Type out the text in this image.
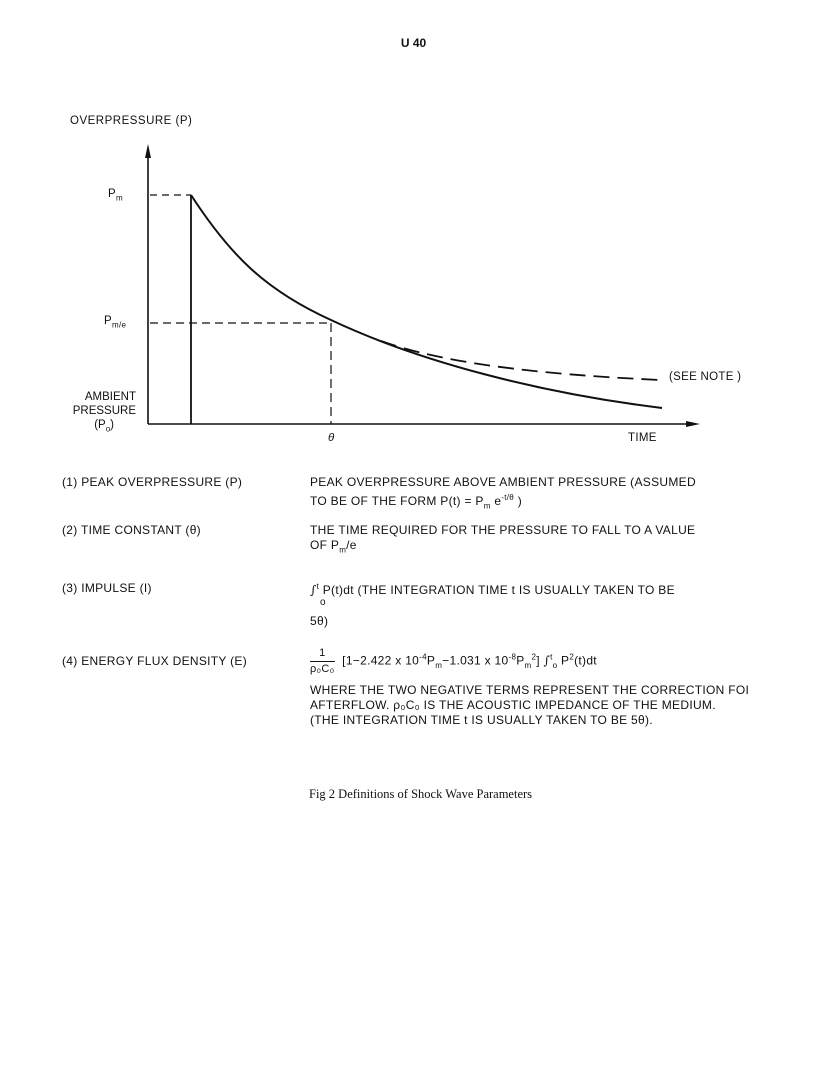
U 40
OVERPRESSURE (P)
$P_m$
$P_{m/e}$
AMBIENT
PRESSURE
$(P_o)$
θ	TIME
(SEE NOTE )
(1) PEAK OVERPRESSURE (P)	PEAK OVERPRESSURE ABOVE AMBIENT PRESSURE (ASSUMED
TO BE OF THE FORM $P(t) = P_m$ $e^{-t/\theta}$ )
(2) TIME CONSTANT (θ)	THE TIME REQUIRED FOR THE PRESSURE TO FALL TO A VALUE
OF $P_m/e$
(3) IMPULSE (I)	∫$^t$ P(t)dt (THE INTEGRATION TIME t IS USUALLY TAKEN TO BE
o
5θ)
(4) ENERGY FLUX DENSITY (E)	$\frac{1}{\text{ρ₀C₀}} [1-2.422$ x $10^{-4}P_m-1.031$ x $10^{-8}P_m^2$] ∫$^t_o$ $P^2(t)dt$
WHERE THE TWO NEGATIVE TERMS REPRESENT THE CORRECTION FOI
AFTERFLOW. ρ₀C₀ IS THE ACOUSTIC IMPEDANCE OF THE MEDIUM.
(THE INTEGRATION TIME t IS USUALLY TAKEN TO BE 5θ).
Fig 2 Definitions of Shock Wave Parameters
